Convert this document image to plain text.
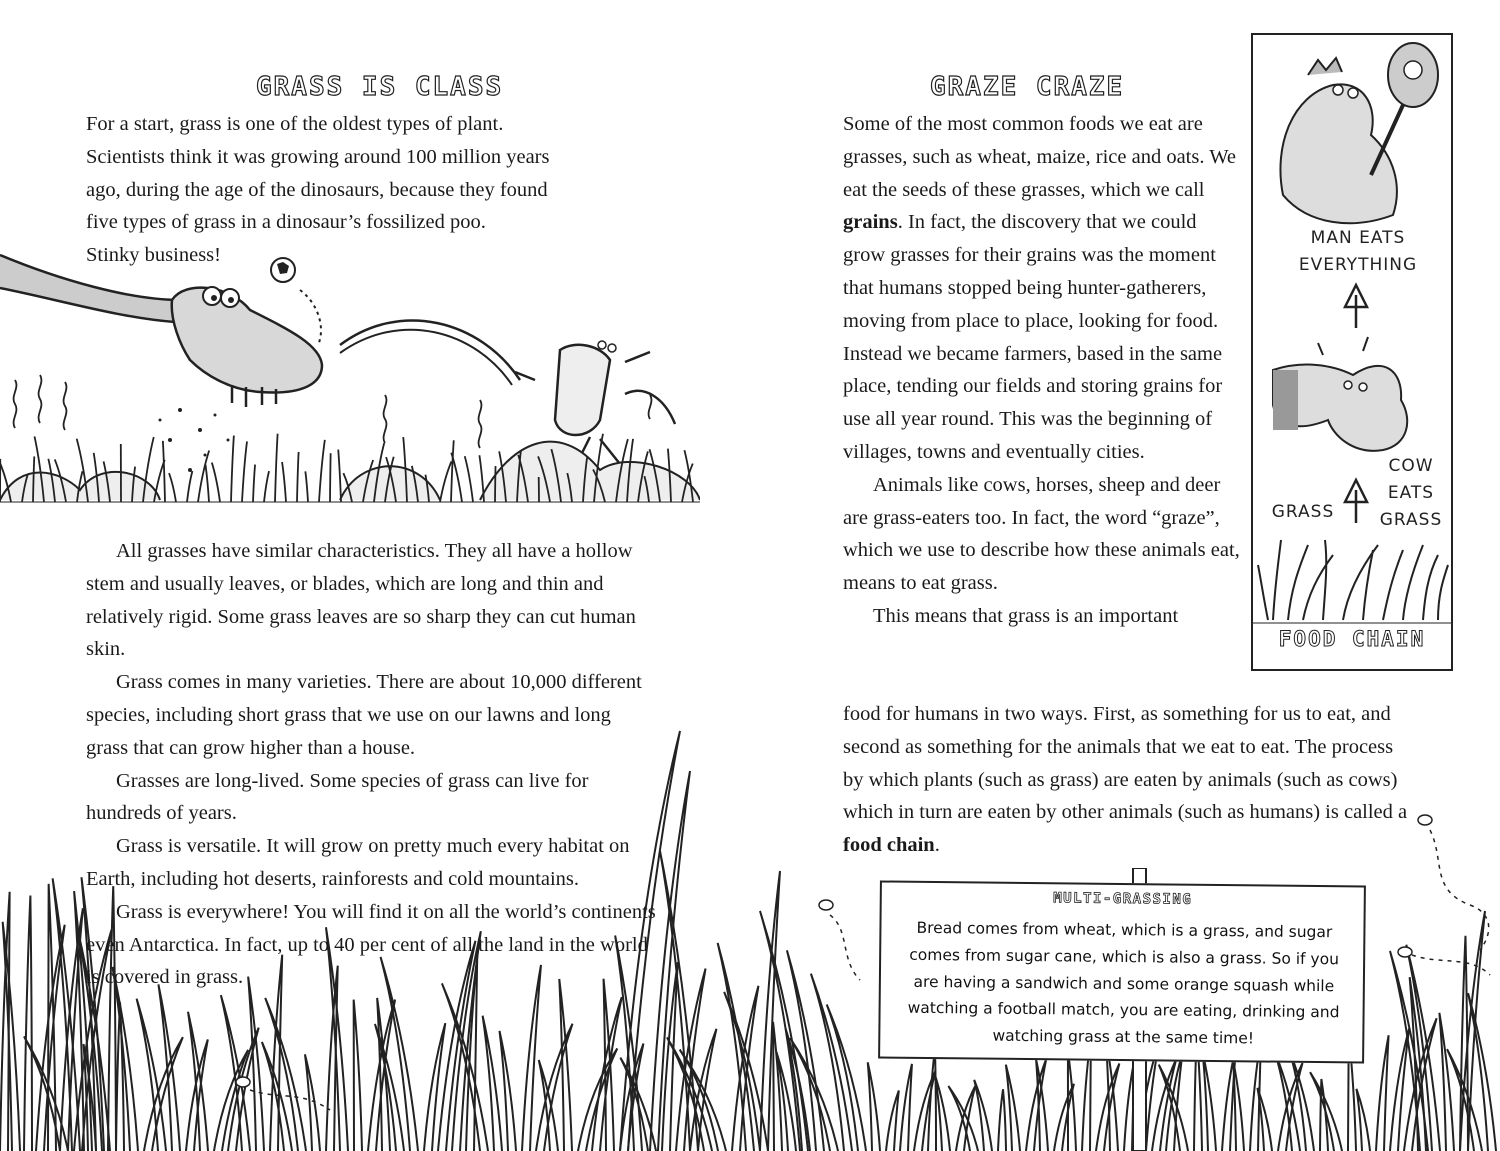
GRASS IS CLASS
For a start, grass is one of the oldest types of plant.
Scientists think it was growing around 100 million years
ago, during the age of the dinosaurs, because they found
five types of grass in a dinosaur’s fossilized poo.
Stinky business!
All grasses have similar characteristics. They all have a hollow stem and usually leaves, or blades, which are long and thin and relatively rigid. Some grass leaves are so sharp they can cut human skin.
Grass comes in many varieties. There are about 10,000 different species, including short grass that we use on our lawns and long grass that can grow higher than a house.
Grasses are long-lived. Some species of grass can live for hundreds of years.
Grass is versatile. It will grow on pretty much every habitat on Earth, including hot deserts, rainforests and cold mountains.
Grass is everywhere! You will find it on all the world’s continents even Antarctica. In fact, up to 40 per cent of all the land in the world is covered in grass.
GRAZE CRAZE
Some of the most common foods we eat are grasses, such as wheat, maize, rice and oats. We eat the seeds of these grasses, which we call grains. In fact, the discovery that we could grow grasses for their grains was the moment that humans stopped being hunter-gatherers, moving from place to place, looking for food. Instead we became farmers, based in the same place, tending our fields and storing grains for use all year round. This was the beginning of villages, towns and eventually cities.
Animals like cows, horses, sheep and deer are grass-eaters too. In fact, the word “graze”, which we use to describe how these animals eat, means to eat grass.
This means that grass is an important
food for humans in two ways. First, as something for us to eat, and second as something for the animals that we eat to eat. The process by which plants (such as grass) are eaten by animals (such as cows) which in turn are eaten by other animals (such as humans) is called a food chain.
MAN EATS
EVERYTHING
COW
EATS
GRASS
GRASS
FOOD CHAIN
MULTI-GRASSING
Bread comes from wheat, which is a grass, and sugar comes from sugar cane, which is also a grass. So if you are having a sandwich and some orange squash while watching a football match, you are eating, drinking and watching grass at the same time!
